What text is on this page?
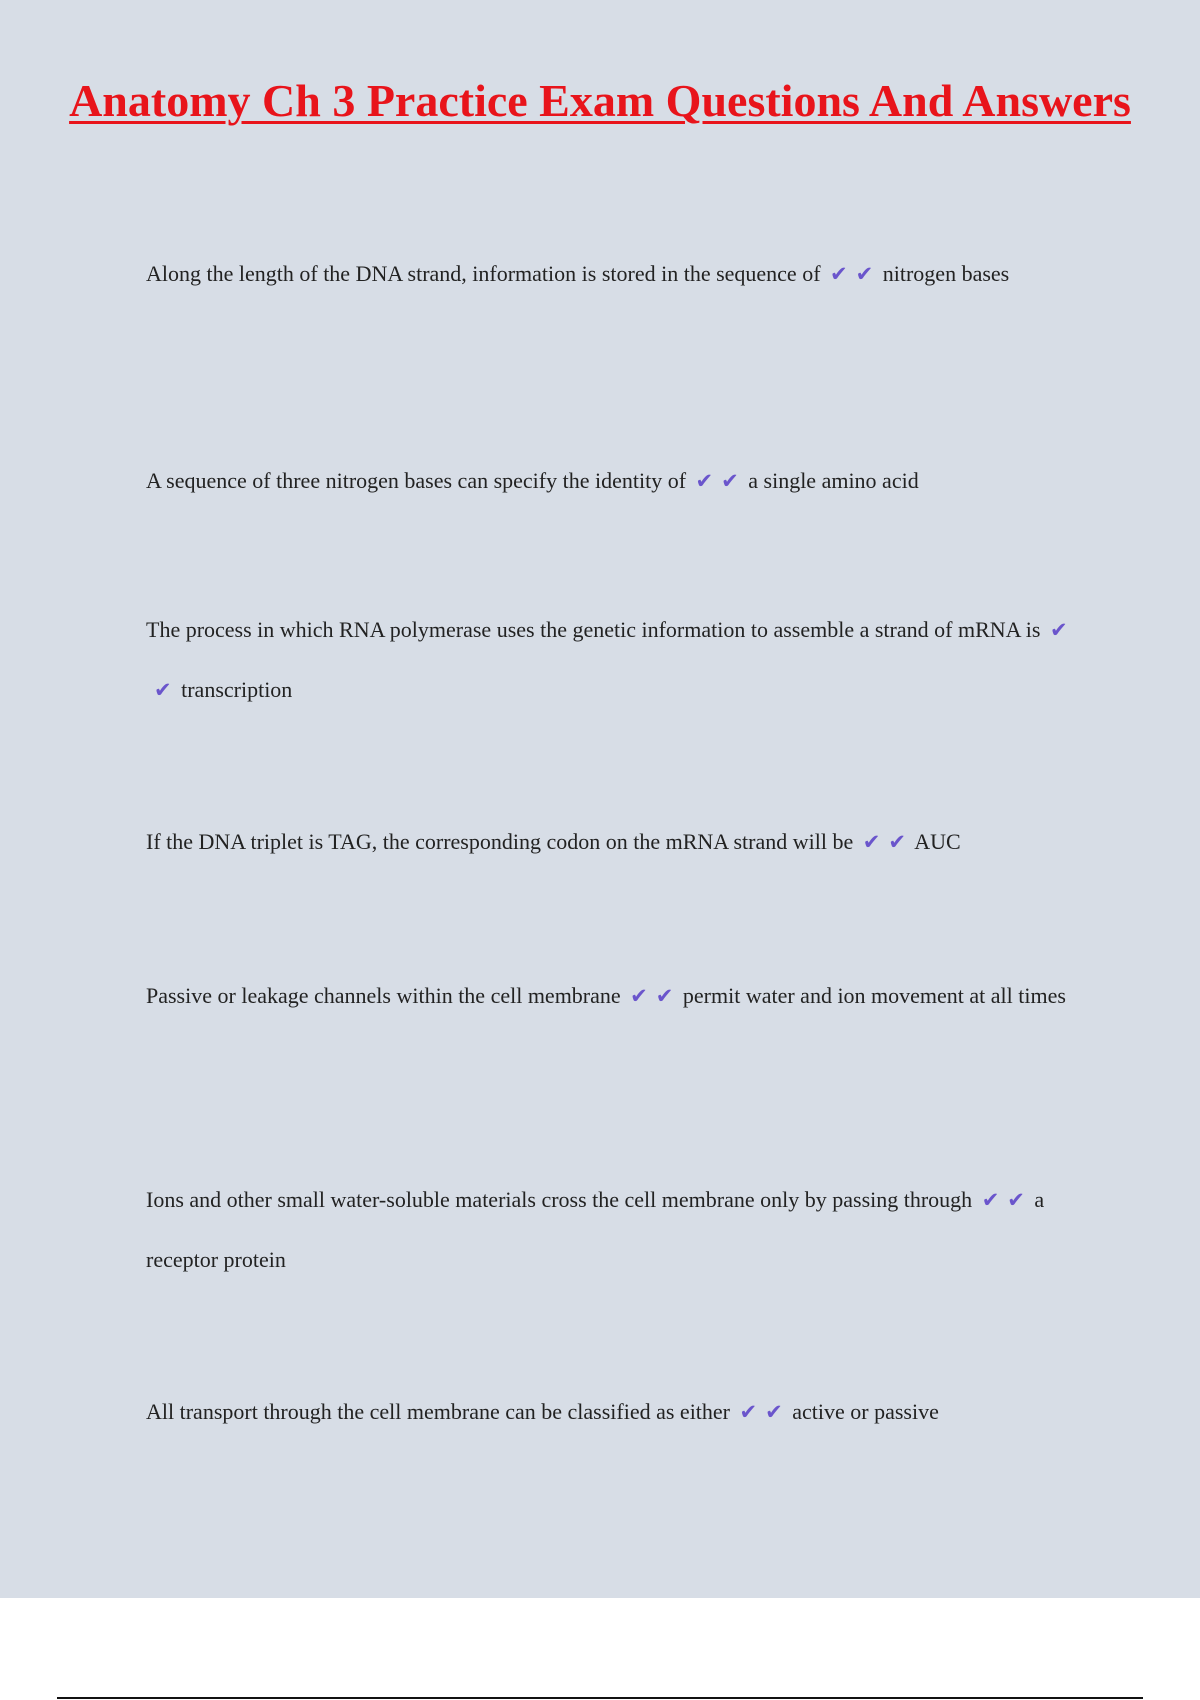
Anatomy Ch 3 Practice Exam Questions And Answers
Along the length of the DNA strand, information is stored in the sequence of ✔ ✔ nitrogen bases
A sequence of three nitrogen bases can specify the identity of ✔ ✔ a single amino acid
The process in which RNA polymerase uses the genetic information to assemble a strand of mRNA is ✔✔ transcription
If the DNA triplet is TAG, the corresponding codon on the mRNA strand will be ✔ ✔ AUC
Passive or leakage channels within the cell membrane ✔ ✔ permit water and ion movement at all times
Ions and other small water-soluble materials cross the cell membrane only by passing through ✔ ✔ a receptor protein
All transport through the cell membrane can be classified as either ✔ ✔ active or passive
